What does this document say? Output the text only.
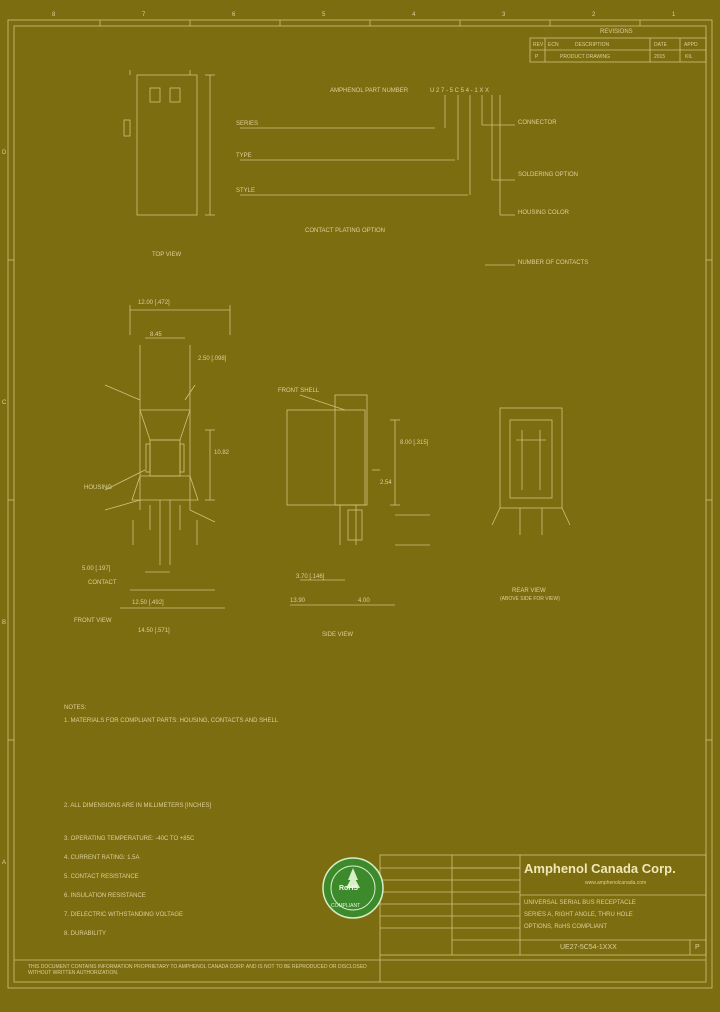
8	7	6	5	4	3	2	1
D
C
B
A
REVISIONS
REV ECN	DESCRIPTION	DATE	APPD
P	PRODUCT DRAWING	2015	KIL
AMPHENOL PART NUMBER	U 2 7 - 5 C 5 4 - 1 X X
CONNECTOR
SOLDERING OPTION
HOUSING COLOR
NUMBER OF CONTACTS
CONTACT PLATING OPTION
SERIES
TYPE
STYLE
TOP VIEW
FRONT VIEW
SIDE VIEW
REAR VIEW
(ABOVE SIDE FOR VIEW)
12.00 [.472]
8.45
2.50 [.098]
10.82
5.00 [.197]
CONTACT
12.50 [.492]
14.50 [.571]
8.00 [.315]
2.54
3.70 [.146]
4.00
13.90
HOUSING
FRONT SHELL
NOTES:
1. MATERIALS FOR COMPLIANT PARTS: HOUSING, CONTACTS AND SHELL
2. ALL DIMENSIONS ARE IN MILLIMETERS [INCHES]
3. OPERATING TEMPERATURE: -40C TO +85C
4. CURRENT RATING: 1.5A
5. CONTACT RESISTANCE
6. INSULATION RESISTANCE
7. DIELECTRIC WITHSTANDING VOLTAGE
8. DURABILITY
RoHS
COMPLIANT
Amphenol Canada Corp.
www.amphenolcanada.com
UNIVERSAL SERIAL BUS RECEPTACLE
SERIES A, RIGHT ANGLE, THRU HOLE
OPTIONS, RoHS COMPLIANT
UE27-5C54-1XXX	P
THIS DOCUMENT CONTAINS INFORMATION PROPRIETARY TO AMPHENOL CANADA CORP. AND IS NOT TO BE REPRODUCED OR DISCLOSED WITHOUT WRITTEN AUTHORIZATION.
